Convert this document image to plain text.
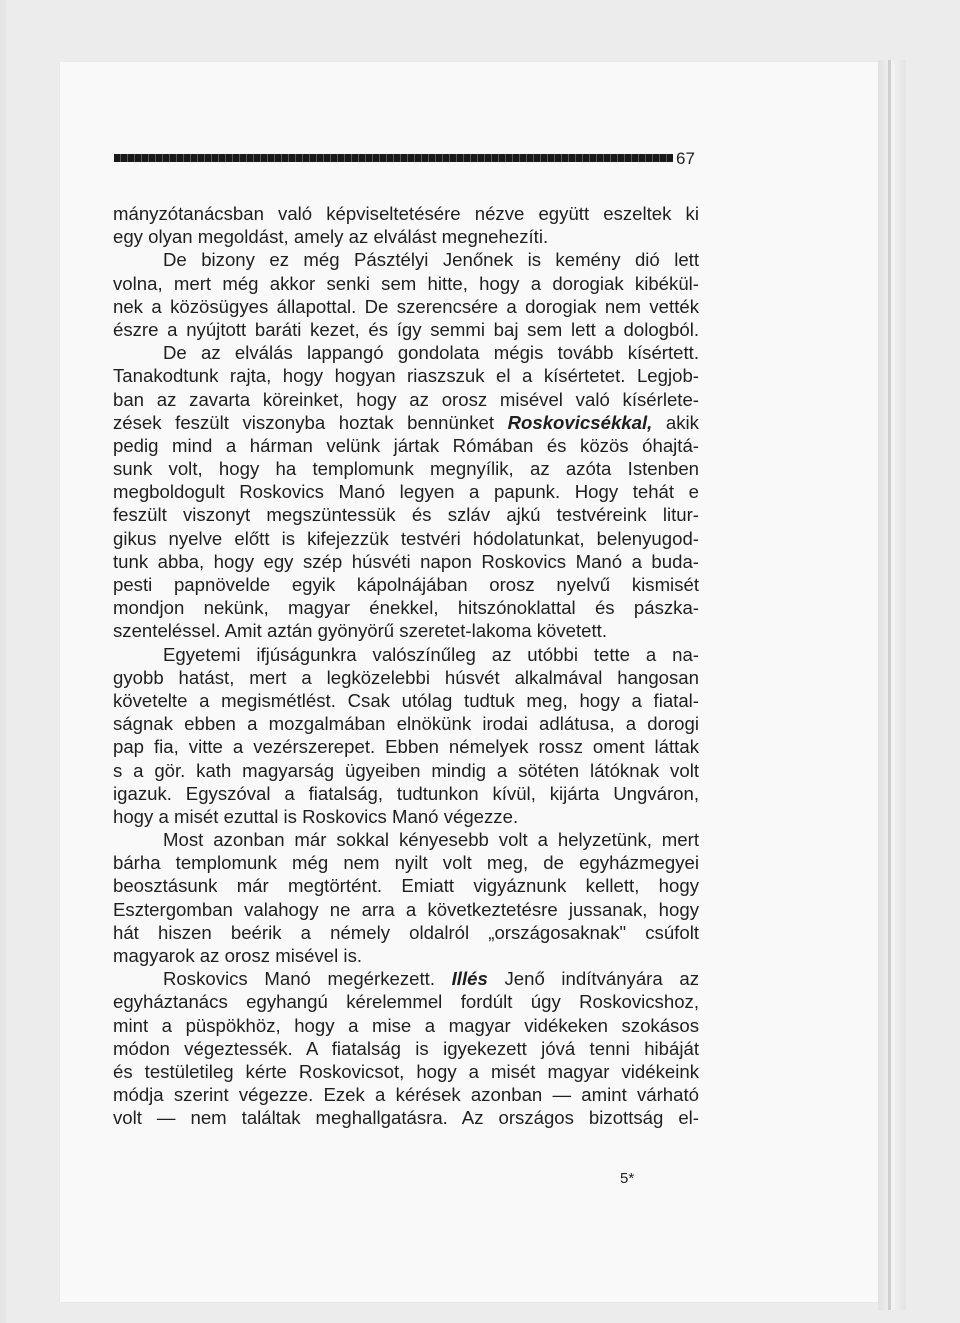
67
mányzótanácsban való képviseltetésére nézve együtt eszeltek ki
egy olyan megoldást, amely az elválást megnehezíti.
De bizony ez még Pásztélyi Jenőnek is kemény dió lett
volna, mert még akkor senki sem hitte, hogy a dorogiak kibékül-
nek a közösügyes állapottal. De szerencsére a dorogiak nem vették
észre a nyújtott baráti kezet, és így semmi baj sem lett a dologból.
De az elválás lappangó gondolata mégis tovább kísértett.
Tanakodtunk rajta, hogy hogyan riaszszuk el a kísértetet. Legjob-
ban az zavarta köreinket, hogy az orosz misével való kísérlete-
zések feszült viszonyba hoztak bennünket Roskovicsékkal, akik
pedig mind a hárman velünk jártak Rómában és közös óhajtá-
sunk volt, hogy ha templomunk megnyílik, az azóta Istenben
megboldogult Roskovics Manó legyen a papunk. Hogy tehát e
feszült viszonyt megszüntessük és szláv ajkú testvéreink litur-
gikus nyelve előtt is kifejezzük testvéri hódolatunkat, belenyugod-
tunk abba, hogy egy szép húsvéti napon Roskovics Manó a buda-
pesti papnövelde egyik kápolnájában orosz nyelvű kismisét
mondjon nekünk, magyar énekkel, hitszónoklattal és pászka-
szenteléssel. Amit aztán gyönyörű szeretet-lakoma követett.
Egyetemi ifjúságunkra valószínűleg az utóbbi tette a na-
gyobb hatást, mert a legközelebbi húsvét alkalmával hangosan
követelte a megismétlést. Csak utólag tudtuk meg, hogy a fiatal-
ságnak ebben a mozgalmában elnökünk irodai adlátusa, a dorogi
pap fia, vitte a vezérszerepet. Ebben némelyek rossz oment láttak
s a gör. kath magyarság ügyeiben mindig a sötéten látóknak volt
igazuk. Egyszóval a fiatalság, tudtunkon kívül, kijárta Ungváron,
hogy a misét ezuttal is Roskovics Manó végezze.
Most azonban már sokkal kényesebb volt a helyzetünk, mert
bárha templomunk még nem nyilt volt meg, de egyházmegyei
beosztásunk már megtörtént. Emiatt vigyáznunk kellett, hogy
Esztergomban valahogy ne arra a következtetésre jussanak, hogy
hát hiszen beérik a némely oldalról „országosaknak" csúfolt
magyarok az orosz misével is.
Roskovics Manó megérkezett. Illés Jenő indítványára az
egyháztanács egyhangú kérelemmel fordúlt úgy Roskovicshoz,
mint a püspökhöz, hogy a mise a magyar vidékeken szokásos
módon végeztessék. A fiatalság is igyekezett jóvá tenni hibáját
és testületileg kérte Roskovicsot, hogy a misét magyar vidékeink
módja szerint végezze. Ezek a kérések azonban — amint várható
volt — nem találtak meghallgatásra. Az országos bizottság el-
5*
